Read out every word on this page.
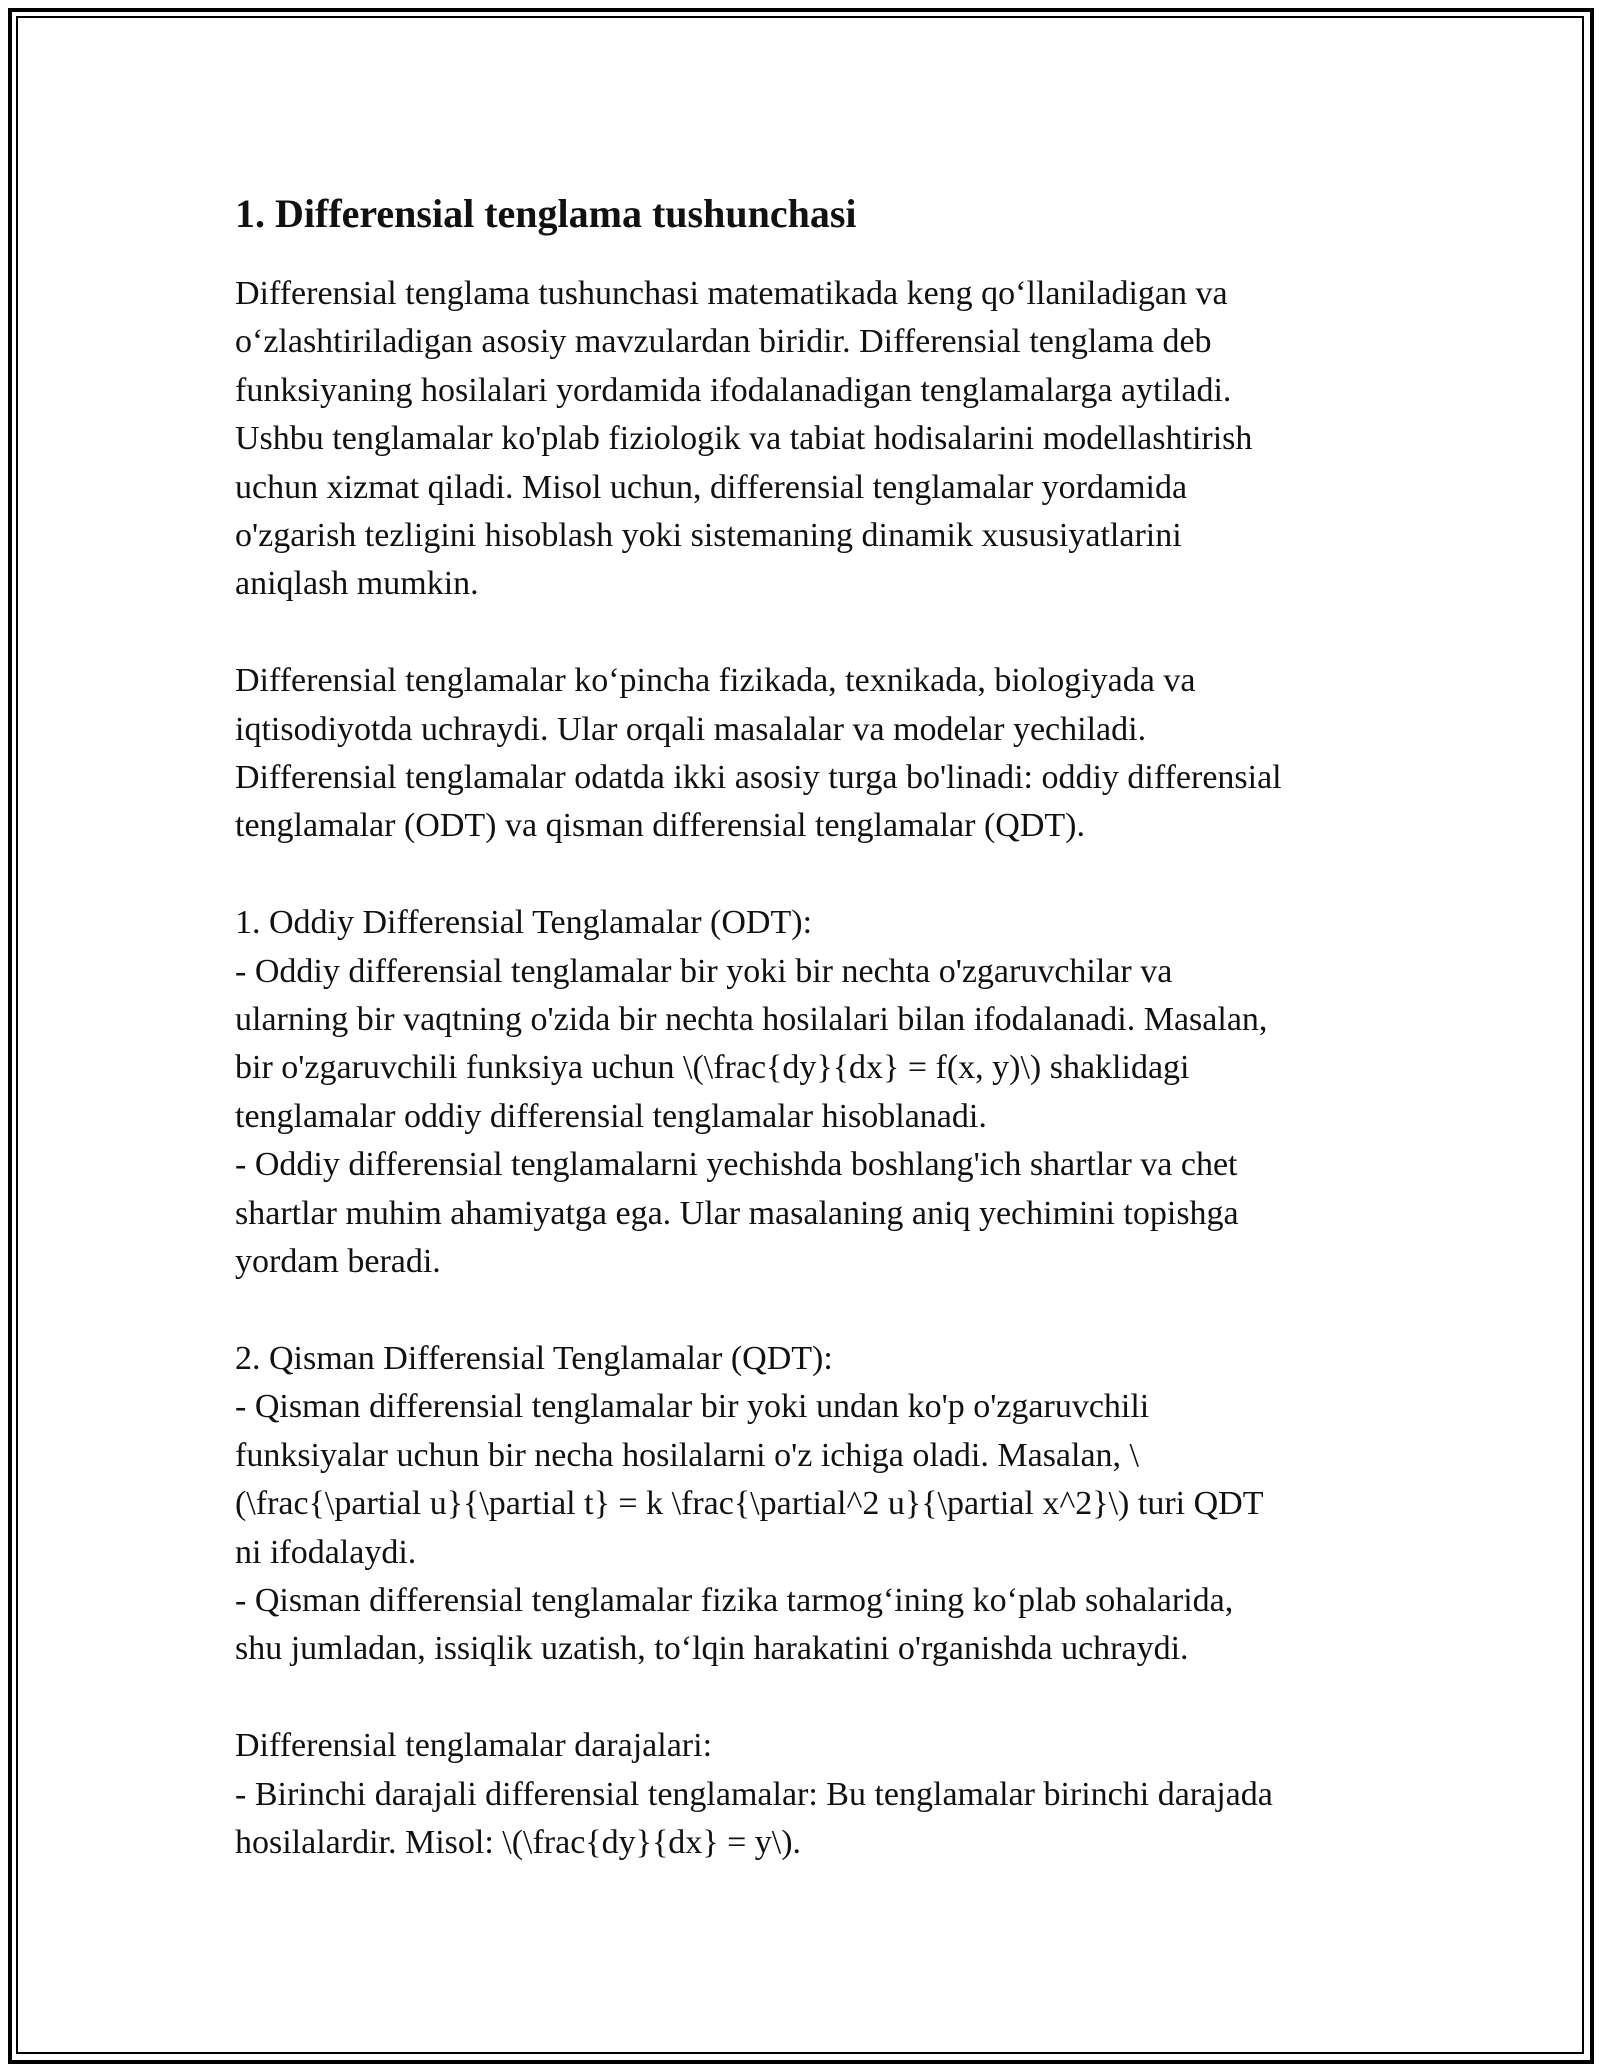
1. Differensial tenglama tushunchasi

Differensial tenglama tushunchasi matematikada keng qo‘llaniladigan va
o‘zlashtiriladigan asosiy mavzulardan biridir. Differensial tenglama deb
funksiyaning hosilalari yordamida ifodalanadigan tenglamalarga aytiladi.
Ushbu tenglamalar ko'plab fiziologik va tabiat hodisalarini modellashtirish
uchun xizmat qiladi. Misol uchun, differensial tenglamalar yordamida
o'zgarish tezligini hisoblash yoki sistemaning dinamik xususiyatlarini
aniqlash mumkin.

Differensial tenglamalar ko‘pincha fizikada, texnikada, biologiyada va
iqtisodiyotda uchraydi. Ular orqali masalalar va modelar yechiladi.
Differensial tenglamalar odatda ikki asosiy turga bo'linadi: oddiy differensial
tenglamalar (ODT) va qisman differensial tenglamalar (QDT).

1. Oddiy Differensial Tenglamalar (ODT):
- Oddiy differensial tenglamalar bir yoki bir nechta o'zgaruvchilar va
ularning bir vaqtning o'zida bir nechta hosilalari bilan ifodalanadi. Masalan,
bir o'zgaruvchili funksiya uchun \(\frac{dy}{dx} = f(x, y)\) shaklidagi
tenglamalar oddiy differensial tenglamalar hisoblanadi.
- Oddiy differensial tenglamalarni yechishda boshlang'ich shartlar va chet
shartlar muhim ahamiyatga ega. Ular masalaning aniq yechimini topishga
yordam beradi.

2. Qisman Differensial Tenglamalar (QDT):
- Qisman differensial tenglamalar bir yoki undan ko'p o'zgaruvchili
funksiyalar uchun bir necha hosilalarni o'z ichiga oladi. Masalan, \
(\frac{\partial u}{\partial t} = k \frac{\partial^2 u}{\partial x^2}\) turi QDT
ni ifodalaydi.
- Qisman differensial tenglamalar fizika tarmog‘ining ko‘plab sohalarida,
shu jumladan, issiqlik uzatish, to‘lqin harakatini o'rganishda uchraydi.

Differensial tenglamalar darajalari:
- Birinchi darajali differensial tenglamalar: Bu tenglamalar birinchi darajada
hosilalardir. Misol: \(\frac{dy}{dx} = y\).
